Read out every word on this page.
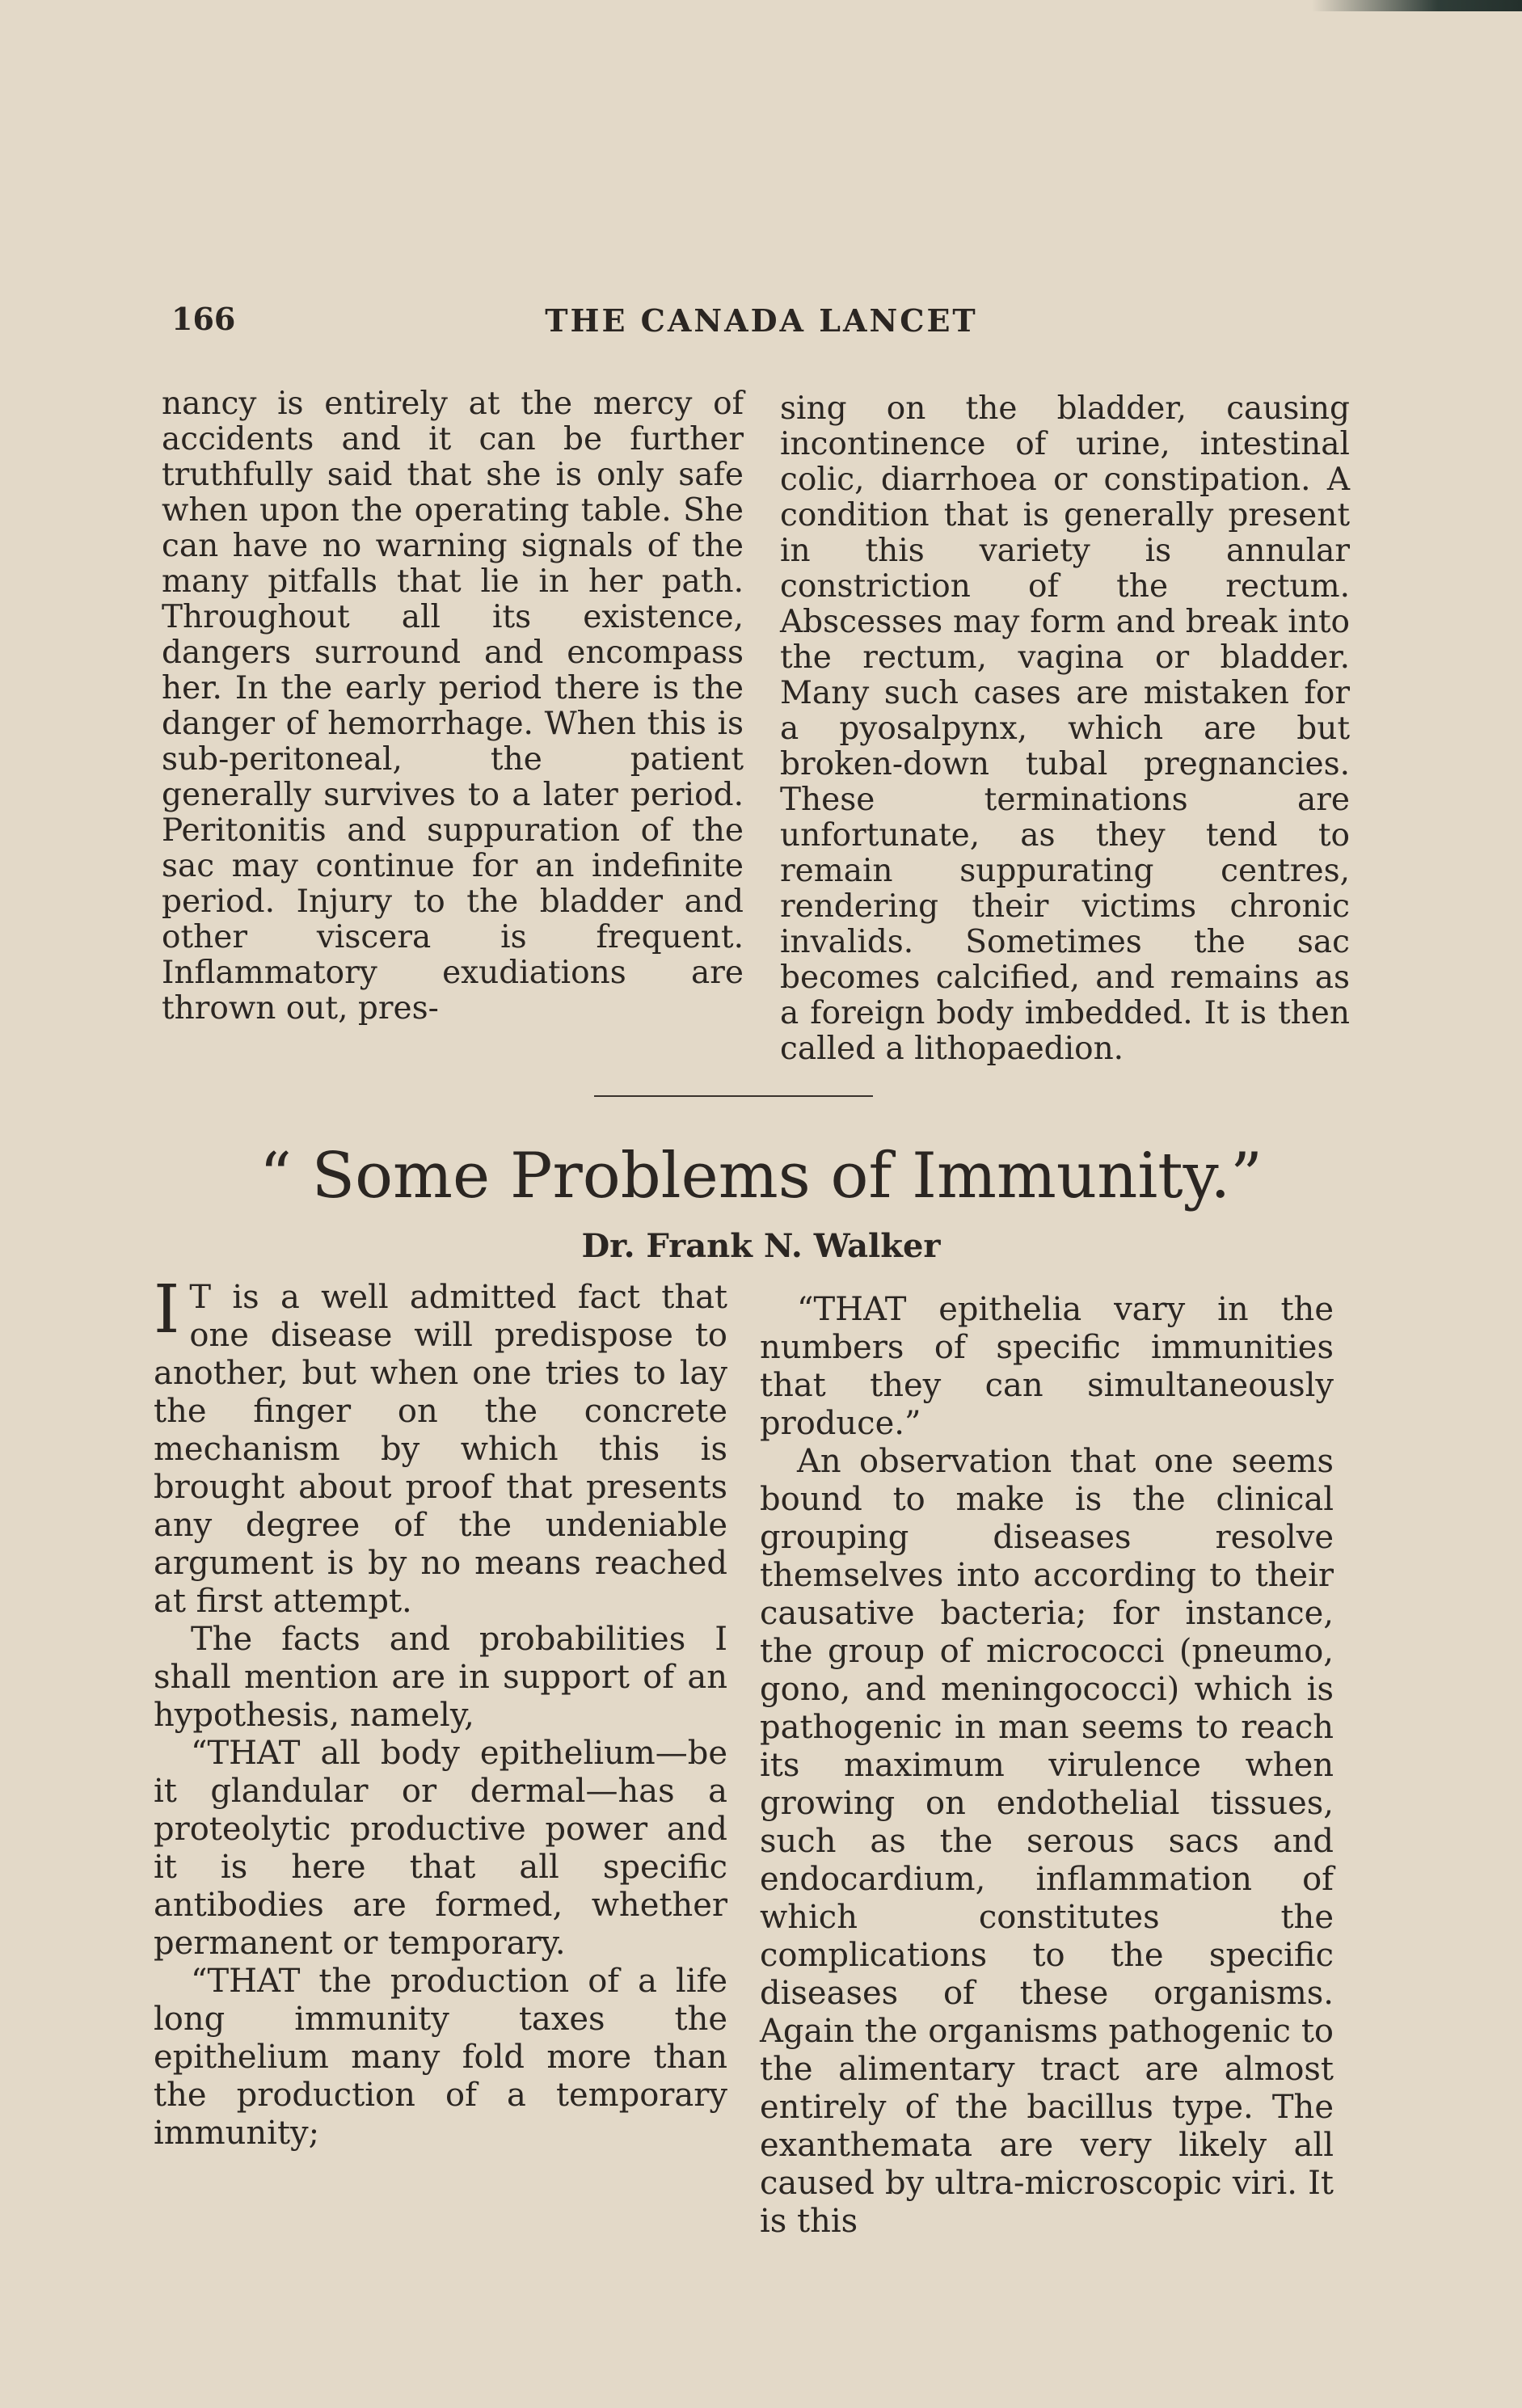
166	THE CANADA LANCET

nancy is entirely at the mercy of accidents and it can be further truthfully said that she is only safe when upon the operating table. She can have no warning signals of the many pitfalls that lie in her path. Throughout all its existence, dangers surround and encompass her. In the early period there is the danger of hemorrhage. When this is sub-peritoneal, the patient generally survives to a later period. Peritonitis and suppuration of the sac may continue for an indefinite period. Injury to the bladder and other viscera is frequent. Inflammatory exudiations are thrown out, pres-

sing on the bladder, causing incontinence of urine, intestinal colic, diarrhoea or constipation. A condition that is generally present in this variety is annular constriction of the rectum. Abscesses may form and break into the rectum, vagina or bladder. Many such cases are mistaken for a pyosalpynx, which are but broken-down tubal pregnancies. These terminations are unfortunate, as they tend to remain suppurating centres, rendering their victims chronic invalids. Sometimes the sac becomes calcified, and remains as a foreign body imbedded. It is then called a lithopaedion.

“ Some Problems of Immunity.”
Dr. Frank N. Walker

I T is a well admitted fact that one disease will predispose to another, but when one tries to lay the finger on the concrete mechanism by which this is brought about proof that presents any degree of the undeniable argument is by no means reached at first attempt.

The facts and probabilities I shall mention are in support of an hypothesis, namely,

“THAT all body epithelium—be it glandular or dermal—has a proteolytic productive power and it is here that all specific antibodies are formed, whether permanent or temporary.

“THAT the production of a life long immunity taxes the epithelium many fold more than the production of a temporary immunity;

“THAT epithelia vary in the numbers of specific immunities that they can simultaneously produce.”

An observation that one seems bound to make is the clinical grouping diseases resolve themselves into according to their causative bacteria; for instance, the group of micrococci (pneumo, gono, and meningococci) which is pathogenic in man seems to reach its maximum virulence when growing on endothelial tissues, such as the serous sacs and endocardium, inflammation of which constitutes the complications to the specific diseases of these organisms. Again the organisms pathogenic to the alimentary tract are almost entirely of the bacillus type. The exanthemata are very likely all caused by ultra-microscopic viri. It is this
